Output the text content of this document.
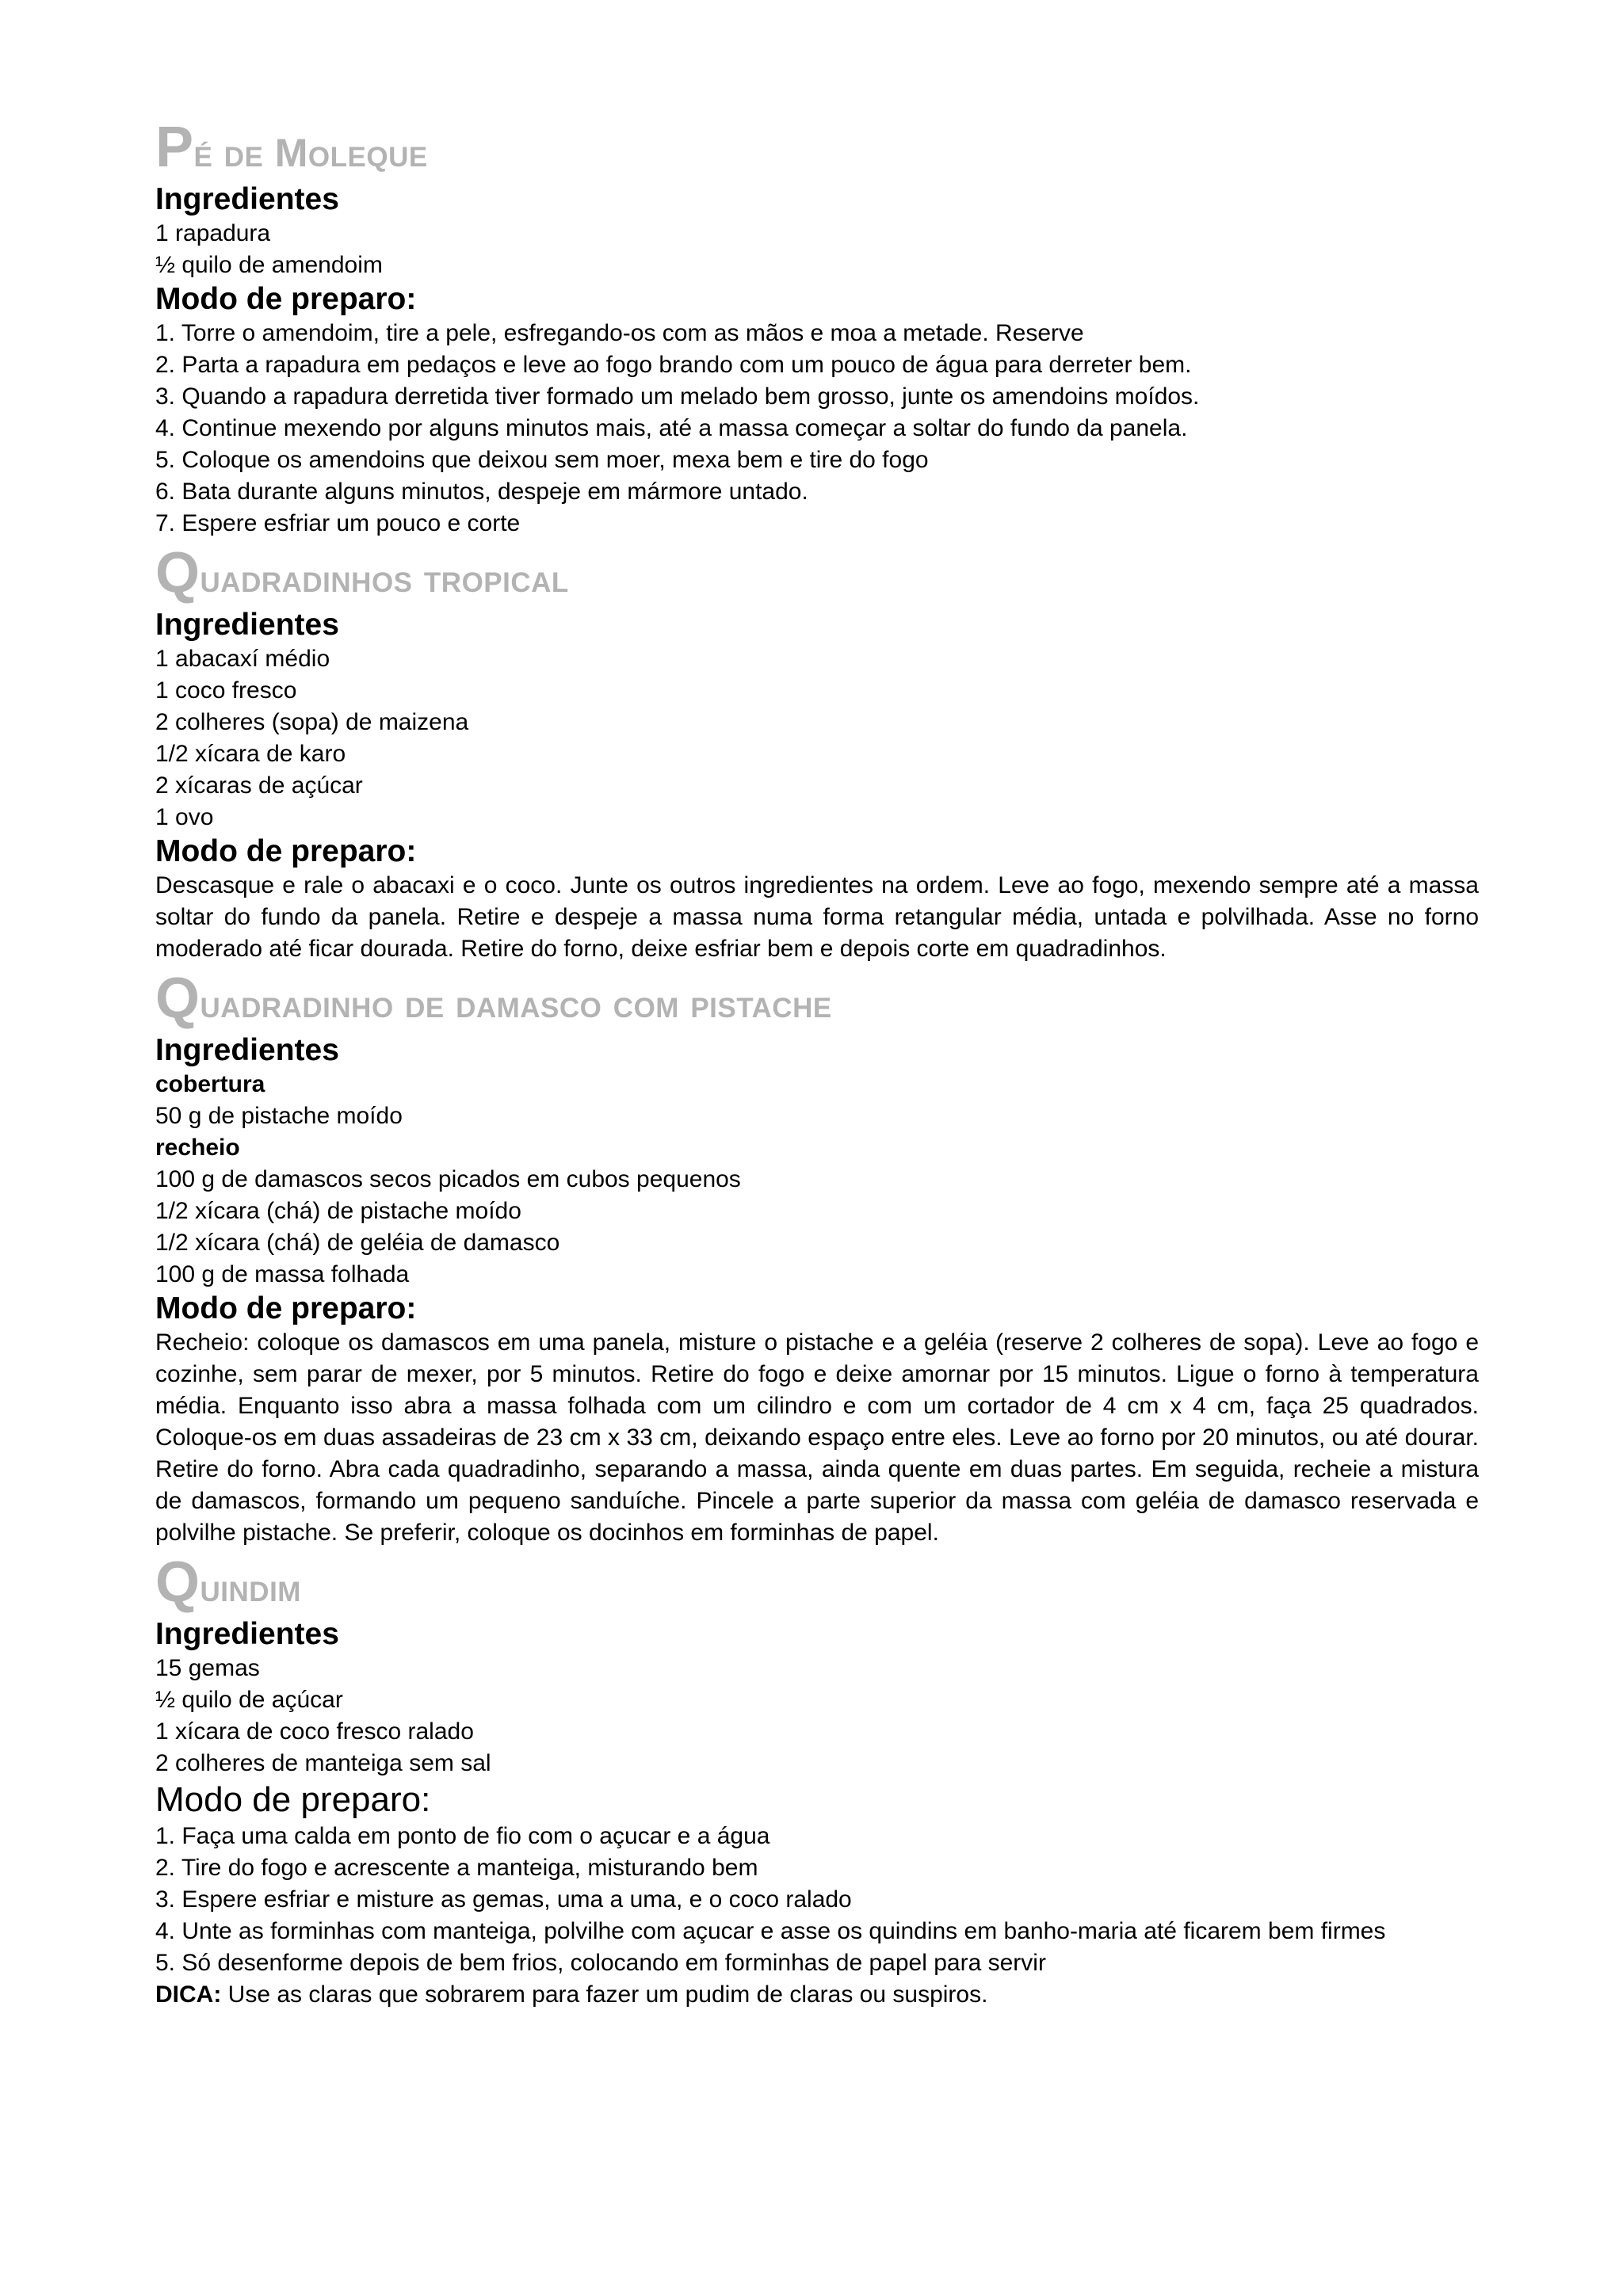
Pé de Moleque
Ingredientes

1 rapadura

½ quilo de amendoim

Modo de preparo:

1. Torre o amendoim, tire a pele, esfregando-os com as mãos e moa a metade. Reserve

2. Parta a rapadura em pedaços e leve ao fogo brando com um pouco de água para derreter bem.

3. Quando a rapadura derretida tiver formado um melado bem grosso, junte os amendoins moídos.

4. Continue mexendo por alguns minutos mais, até a massa começar a soltar do fundo da panela.

5. Coloque os amendoins que deixou sem moer, mexa bem e tire do fogo

6. Bata durante alguns minutos, despeje em mármore untado.

7. Espere esfriar um pouco e corte

Quadradinhos tropical
Ingredientes

1 abacaxí médio

1 coco fresco

2 colheres (sopa) de maizena

1/2 xícara de karo

2 xícaras de açúcar

1 ovo

Modo de preparo:

Descasque e rale o abacaxi e o coco. Junte os outros ingredientes na ordem. Leve ao fogo, mexendo sempre até a massa soltar do fundo da panela. Retire e despeje a massa numa forma retangular média, untada e polvilhada. Asse no forno moderado até ficar dourada. Retire do forno, deixe esfriar bem e depois corte em quadradinhos.

Quadradinho de damasco com pistache
Ingredientes

cobertura

50 g de pistache moído

recheio

100 g de damascos secos picados em cubos pequenos

1/2 xícara (chá) de pistache moído

1/2 xícara (chá) de geléia de damasco

100 g de massa folhada

Modo de preparo:

Recheio: coloque os damascos em uma panela, misture o pistache e a geléia (reserve 2 colheres de sopa). Leve ao fogo e cozinhe, sem parar de mexer, por 5 minutos. Retire do fogo e deixe amornar por 15 minutos. Ligue o forno à temperatura média. Enquanto isso abra a massa folhada com um cilindro e com um cortador de 4 cm x 4 cm, faça 25 quadrados. Coloque-os em duas assadeiras de 23 cm x 33 cm, deixando espaço entre eles. Leve ao forno por 20 minutos, ou até dourar. Retire do forno. Abra cada quadradinho, separando a massa, ainda quente em duas partes. Em seguida, recheie a mistura de damascos, formando um pequeno sanduíche. Pincele a parte superior da massa com geléia de damasco reservada e polvilhe pistache. Se preferir, coloque os docinhos em forminhas de papel.

Quindim
Ingredientes

15 gemas

½ quilo de açúcar

1 xícara de coco fresco ralado

2 colheres de manteiga sem sal

Modo de preparo:

1. Faça uma calda em ponto de fio com o açucar e a água

2. Tire do fogo e acrescente a manteiga, misturando bem

3. Espere esfriar e misture as gemas, uma a uma, e o coco ralado

4. Unte as forminhas com manteiga, polvilhe com açucar e asse os quindins em banho-maria até ficarem bem firmes

5. Só desenforme depois de bem frios, colocando em forminhas de papel para servir

DICA: Use as claras que sobrarem para fazer um pudim de claras ou suspiros.
